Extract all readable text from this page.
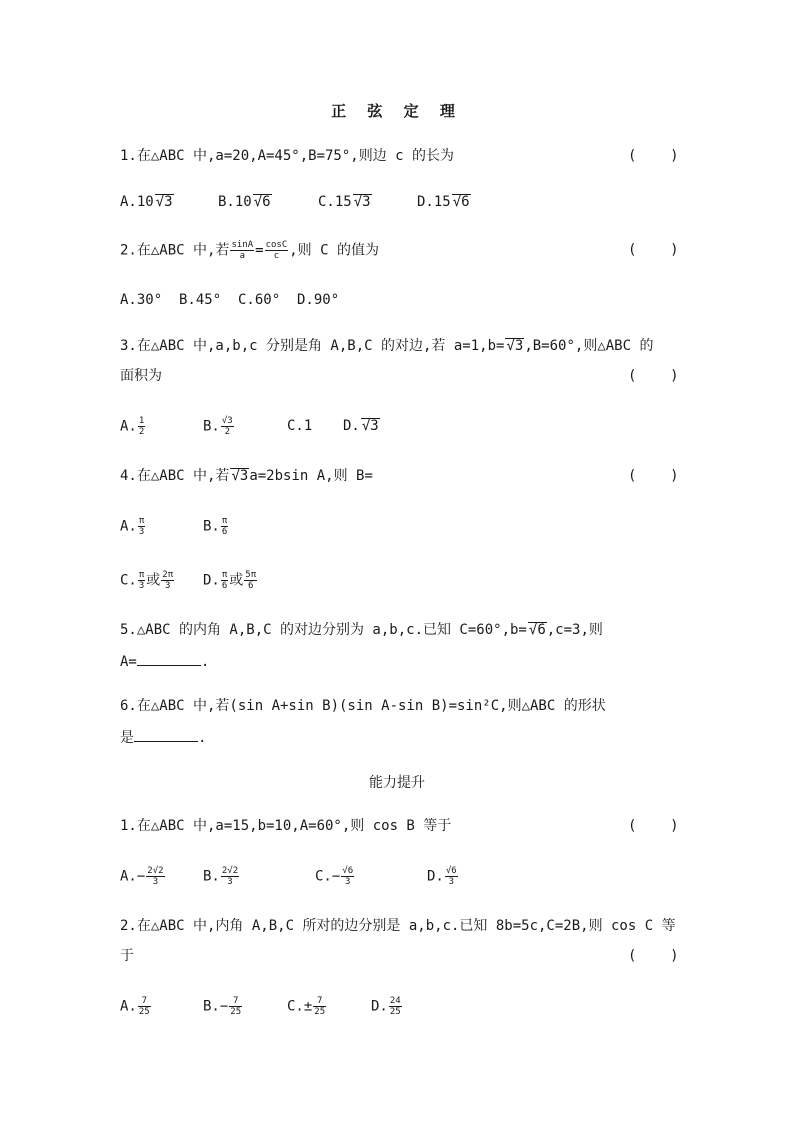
正 弦 定 理
1.在△ABC 中,a=20,A=45°,B=75°,则边 c 的长为	(    )
A.10 √ 3	B.10 √ 6	C.15 √ 3	D.15 √ 6
2.在△ABC 中,若 $\frac{\sin A}{a} = \frac{\cos C}{c}$ ,则 C 的值为	(    )
A.30°  B.45°  C.60°  D.90°
3.在△ABC 中,a,b,c 分别是角 A,B,C 的对边,若 a=1,b= √ 3,B=60°,则△ABC 的
面积为	(    )
A. $\frac{1}{2}$	B. $\frac{√3}{2}$	C.1 D. √ 3
4.在△ABC 中,若 √ 3a=2bsin A,则 B=	(    )
A. $\frac{\pi}{3}$	B. $\frac{\pi}{6}$
C. $\frac{\pi}{3}$ 或 $\frac{2\pi}{3} D$. $\frac{\pi}{6}$ 或 $\frac{5\pi}{6}$
5.△ABC 的内角 A,B,C 的对边分别为 a,b,c.已知 C=60°,b= √ 6,c=3,则
A=	.
6.在△ABC 中,若(sin A+sin B)(sin A-sin B)=sin²C,则△ABC 的形状
是	.
能力提升
1.在△ABC 中,a=15,b=10,A=60°,则 cos B 等于	(    )
$A.- \frac{2√2}{3}$	B. $\frac{2√2}{3}$	$C.- \frac{√6}{3}$	D. $\frac{√6}{3}$
2.在△ABC 中,内角 A,B,C 所对的边分别是 a,b,c.已知 8b=5c,C=2B,则 cos C 等
于	(    )
A. $\frac{7}{25}$	$B.- \frac{7}{25}$	$C.\pm \frac{7}{25}$	D. $\frac{24}{25}$
